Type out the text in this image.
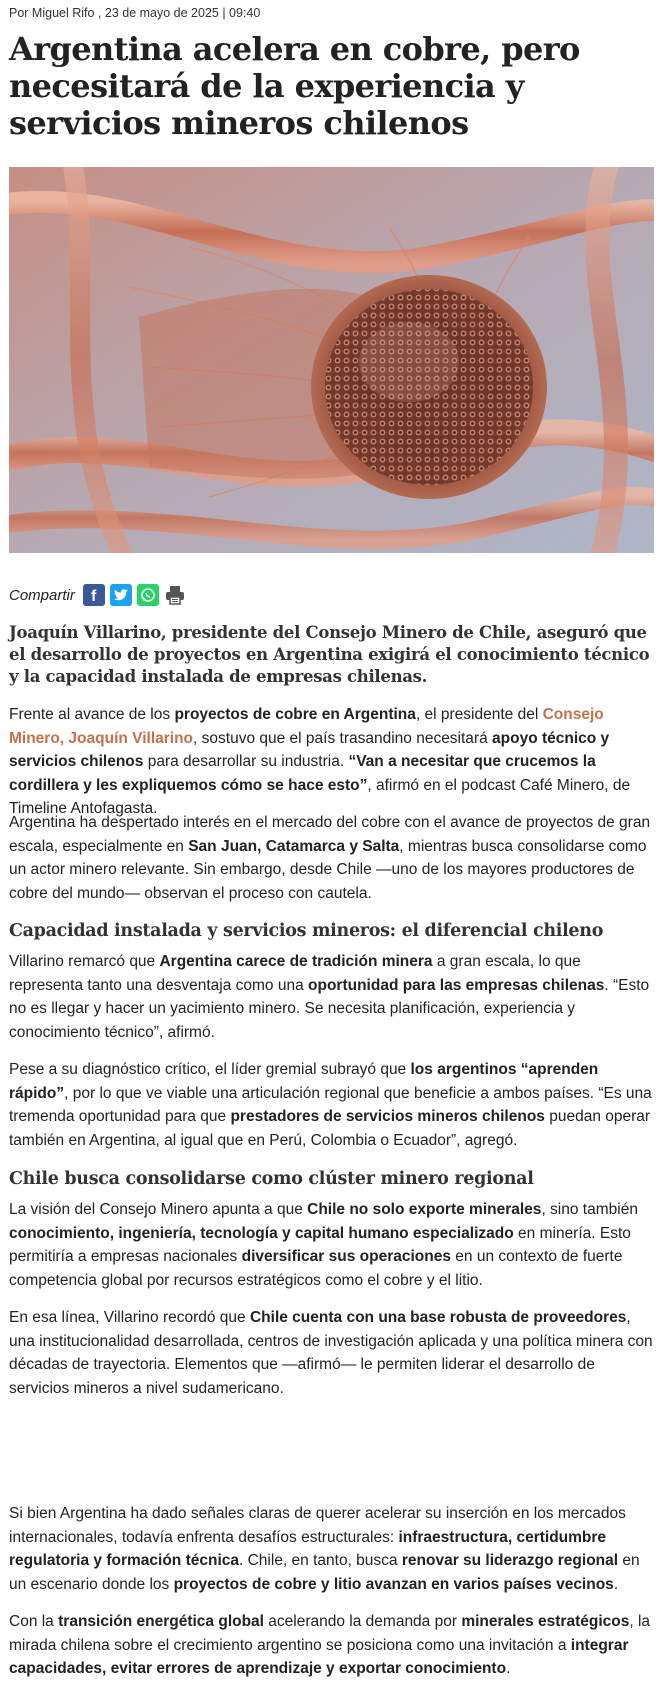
Por Miguel Rifo , 23 de mayo de 2025 | 09:40
Argentina acelera en cobre, pero necesitará de la experiencia y servicios mineros chilenos
Compartir f

Joaquín Villarino, presidente del Consejo Minero de Chile, aseguró que el desarrollo de proyectos en Argentina exigirá el conocimiento técnico y la capacidad instalada de empresas chilenas.

Frente al avance de los proyectos de cobre en Argentina, el presidente del Consejo Minero, Joaquín Villarino, sostuvo que el país trasandino necesitará apoyo técnico y servicios chilenos para desarrollar su industria. “Van a necesitar que crucemos la cordillera y les expliquemos cómo se hace esto”, afirmó en el podcast Café Minero, de Timeline Antofagasta.

Argentina ha despertado interés en el mercado del cobre con el avance de proyectos de gran escala, especialmente en San Juan, Catamarca y Salta, mientras busca consolidarse como un actor minero relevante. Sin embargo, desde Chile —uno de los mayores productores de cobre del mundo— observan el proceso con cautela.

Capacidad instalada y servicios mineros: el diferencial chileno

Villarino remarcó que Argentina carece de tradición minera a gran escala, lo que representa tanto una desventaja como una oportunidad para las empresas chilenas. “Esto no es llegar y hacer un yacimiento minero. Se necesita planificación, experiencia y conocimiento técnico”, afirmó.

Pese a su diagnóstico crítico, el líder gremial subrayó que los argentinos “aprenden rápido”, por lo que ve viable una articulación regional que beneficie a ambos países. “Es una tremenda oportunidad para que prestadores de servicios mineros chilenos puedan operar también en Argentina, al igual que en Perú, Colombia o Ecuador”, agregó.

Chile busca consolidarse como clúster minero regional

La visión del Consejo Minero apunta a que Chile no solo exporte minerales, sino también conocimiento, ingeniería, tecnología y capital humano especializado en minería. Esto permitiría a empresas nacionales diversificar sus operaciones en un contexto de fuerte competencia global por recursos estratégicos como el cobre y el litio.

En esa línea, Villarino recordó que Chile cuenta con una base robusta de proveedores, una institucionalidad desarrollada, centros de investigación aplicada y una política minera con décadas de trayectoria. Elementos que —afirmó— le permiten liderar el desarrollo de servicios mineros a nivel sudamericano.

Si bien Argentina ha dado señales claras de querer acelerar su inserción en los mercados internacionales, todavía enfrenta desafíos estructurales: infraestructura, certidumbre regulatoria y formación técnica. Chile, en tanto, busca renovar su liderazgo regional en un escenario donde los proyectos de cobre y litio avanzan en varios países vecinos.

Con la transición energética global acelerando la demanda por minerales estratégicos, la mirada chilena sobre el crecimiento argentino se posiciona como una invitación a integrar capacidades, evitar errores de aprendizaje y exportar conocimiento.
